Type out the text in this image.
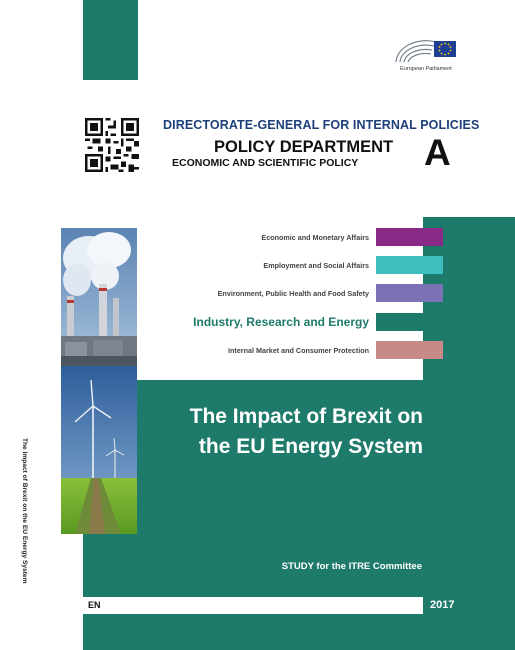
European Parliament
DIRECTORATE-GENERAL FOR INTERNAL POLICIES
POLICY DEPARTMENT
ECONOMIC AND SCIENTIFIC POLICY A
Economic and Monetary Affairs
Employment and Social Affairs
Environment, Public Health and Food Safety
Industry, Research and Energy
Internal Market and Consumer Protection
The Impact of Brexit on
the EU Energy System
STUDY for the ITRE Committee
EN	2017
The Impact of Brexit on the EU Energy System
